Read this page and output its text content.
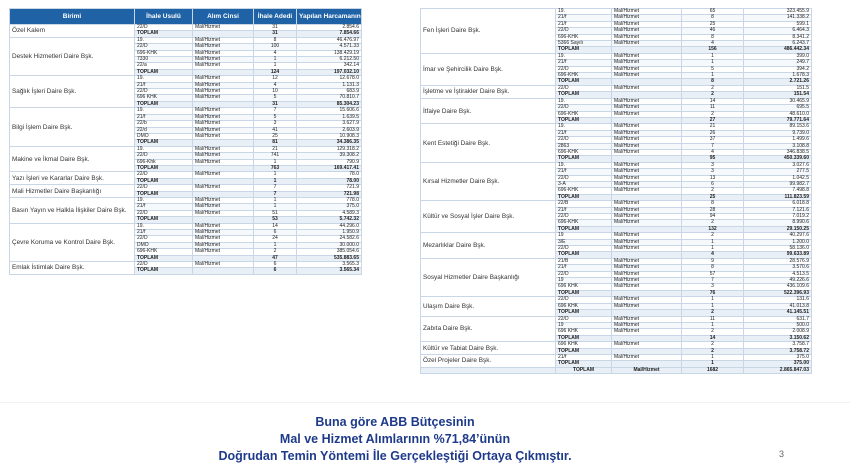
Birimi	İhale Usulü	Alım Cinsi	İhale Adedi	Yapılan Harcamanın Mik
Özel Kalem	22/D	Mal/Hizmet	31	2.854.6
	TOPLAM		31	7.854.66
Destek Hizmetleri Daire Bşk.	19.	Mal/Hizmet	8	46.476.97
	22/D	Mal/Hizmet	100	4.571.33
	696-KHK	Mal/Hizmet	4	138.429.19
	7330	Mal/Hizmet	1	6.212.50
	22/a	Mal/Hizmet	1	342.14
	TOPLAM		124	197.032.10
Sağlık İşleri Daire Bşk.	19.	Mal/Hizmet	12	12.678.0
	21/f	Mal/Hizmet	4	1.131.3
	22/D	Mal/Hizmet	10	683.9
	696 KHK	Mal/Hizmet	5	70.810.7
	TOPLAM		31	85.304.23
Bilgi İşlem Daire Bşk.	19.	Mal/Hizmet	7	15.606.6
	21/f	Mal/Hizmet	5	1.639.5
	22/b	Mal/Hizmet	3	3.627.9
	22/d	Mal/Hizmet	41	2.603.9
	DMO	Mal/Hizmet	25	10.908.3
	TOPLAM		81	34.386.35
Makine ve İkmal Daire Bşk.	19.	Mal/Hizmet	21	129.318.2
	22/D	Mal/Hizmet	741	39.308.2
	696-Khk	Mal/Hizmet	1	790.9
	TOPLAM		763	169.417.41
Yazı İşleri ve Kararlar Daire Bşk.	22/D	Mal/Hizmet	1	78.0
	TOPLAM		1	78.00
Mali Hizmetler Daire Başkanlığı	22/D	Mal/Hizmet	7	721.9
	TOPLAM		7	721.98
Basın Yayın ve Halkla İlişkiler Daire Bşk.	19.	Mal/Hizmet	1	778.0
	21/f	Mal/Hizmet	1	375.0
	22/D	Mal/Hizmet	51	4.589.3
	TOPLAM		53	5.742.32
Çevre Koruma ve Kontrol Daire Bşk.	19.	Mal/Hizmet	14	44.296.0
	21/f	Mal/Hizmet	6	1.950.9
	22/D	Mal/Hizmet	24	24.582.6
	DMO	Mal/Hizmet	1	30.000.0
	696-KHK	Mal/Hizmet	2	385.054.6
	TOPLAM		47	535.883.65
Emlak İstimlak Daire Bşk.	22/D	Mal/Hizmet	6	3.565.3
	TOPLAM		6	3.565.34
Fen İşleri Daire Bşk.	19.	Mal/Hizmet	65	323.455.9
	21/f	Mal/Hizmet	8	141.338.2
	21/f	Mal/Hizmet	25	599.1
	22/D	Mal/Hizmet	46	6.464.3
	696-KHK	Mal/Hizmet	8	8.341.2
	5366 Sayılı	Mal/Hizmet	4	6.243.7
	TOPLAM		156	486.442.34
İmar ve Şehircilik Daire Bşk.	19.	Mal/Hizmet	1	399.0
	21/f	Mal/Hizmet	1	249.7
	22/D	Mal/Hizmet	5	394.2
	696-KHK	Mal/Hizmet	1	1.678.3
	TOPLAM		8	2.721.26
İşletme ve İştirakler Daire Bşk.	22/D	Mal/Hizmet	2	151.5
	TOPLAM		2	151.54
İtfaiye Daire Bşk.	19.	Mal/Hizmet	14	30.465.9
	22/D	Mal/Hizmet	11	695.5
	696-KHK	Mal/Hizmet	2	48.610.0
	TOPLAM		27	79.771.64
Kent Estetiği Daire Bşk.	19.	Mal/Hizmet	21	89.153.6
	21/f	Mal/Hizmet	26	9.739.0
	22/D	Mal/Hizmet	37	1.499.6
	2863	Mal/Hizmet	7	3.108.8
	696-KHK	Mal/Hizmet	4	346.838.5
	TOPLAM		95	450.339.60
Kırsal Hizmetler Daire Bşk.	19.	Mal/Hizmet	3	3.027.6
	21/f	Mal/Hizmet	3	277.5
	22/D	Mal/Hizmet	13	1.042.5
	3-A	Mal/Hizmet	6	99.982.7
	696-KHK	Mal/Hizmet	2	7.498.8
	TOPLAM		25	111.823.59
Kültür ve Sosyal İşler Daire Bşk.	22/B	Mal/Hizmet	8	6.018.8
	21/f	Mal/Hizmet	28	7.121.6
	22/D	Mal/Hizmet	94	7.019.2
	696-KHK	Mal/Hizmet	2	8.990.6
	TOPLAM		132	29.150.25
Mezarlıklar Daire Bşk.	19	Mal/Hizmet	2	40.297.6
	3/E	Mal/Hizmet	1	1.200.0
	22/D	Mal/Hizmet	1	58.136.0
	TOPLAM		4	99.633.89
Sosyal Hizmetler Daire Başkanlığı	21/B	Mal/Hizmet	9	28.576.9
	21/f	Mal/Hizmet	8	3.570.6
	22/D	Mal/Hizmet	57	4.513.5
	19	Mal/Hizmet	7	49.226.6
	696 KHK	Mal/Hizmet	3	436.109.6
	TOPLAM		76	522.396.93
Ulaşım Daire Bşk.	22/D	Mal/Hizmet	1	131.6
	696 KHK	Mal/Hizmet	1	41.013.8
	TOPLAM		2	41.145.51
Zabıta Daire Bşk.	22/D	Mal/Hizmet	11	631.7
	19	Mal/Hizmet	1	500.0
	696 KHK	Mal/Hizmet	2	2.008.9
	TOPLAM		14	3.150.62
Kültür ve Tabiat Daire Bşk.	696 KHK	Mal/Hizmet	2	3.758.7
	TOPLAM		2	3.758.72
Özel Projeler Daire Bşk.	21/f	Mal/Hizmet	1	375.0
	TOPLAM		1	375.00
	TOPLAM	Mal/Hizmet	1682	2.865.847.03
Buna göre ABB Bütçesinin
Mal ve Hizmet Alımlarının %71,84’ünün
Doğrudan Temin Yöntemi İle Gerçekleştiği Ortaya Çıkmıştır.	3
